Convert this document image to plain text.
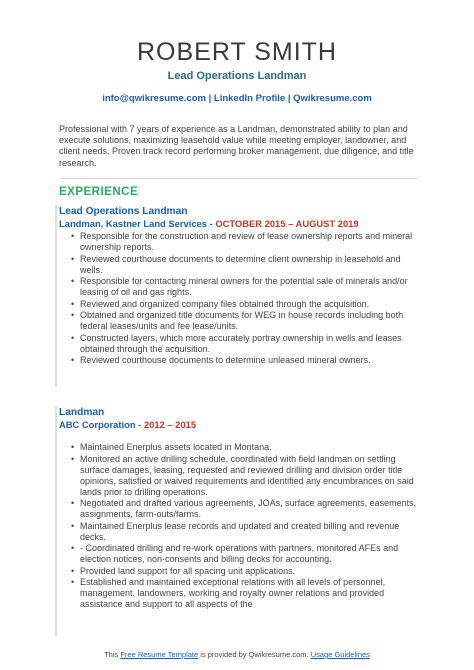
ROBERT SMITH
Lead Operations Landman
info@qwikresume.com | LinkedIn Profile | Qwikresume.com
Professional with 7 years of experience as a Landman, demonstrated ability to plan and execute solutions, maximizing leasehold value while meeting employer, landowner, and client needs. Proven track record performing broker management, due diligence, and title research.
EXPERIENCE
Lead Operations Landman
Landman, Kastner Land Services - OCTOBER 2015 – AUGUST 2019
• Responsible for the construction and review of lease ownership reports and mineral ownership reports.
• Reviewed courthouse documents to determine client ownership in leasehold and wells.
• Responsible for contacting mineral owners for the potential sale of minerals and/or leasing of oil and gas rights.
• Reviewed and organized company files obtained through the acquisition.
• Obtained and organized title documents for WEG in house records including both federal leases/units and fee lease/units.
• Constructed layers, which more accurately portray ownership in wells and leases obtained through the acquisition.
• Reviewed courthouse documents to determine unleased mineral owners.
Landman
ABC Corporation - 2012 – 2015
• Maintained Enerplus assets located in Montana.
• Monitored an active drilling schedule, coordinated with field landman on settling surface damages, leasing, requested and reviewed drilling and division order title opinions, satisfied or waived requirements and identified any encumbrances on said lands prior to drilling operations.
• Negotiated and drafted various agreements, JOAs, surface agreements, easements, assignments, farm-outs/farms.
• Maintained Enerplus lease records and updated and created billing and revenue decks.
• - Coordinated drilling and re-work operations with partners, monitored AFEs and election notices, non-consents and billing decks for accounting.
• Provided land support for all spacing unit applications.
• Established and maintained exceptional relations with all levels of personnel, management, landowners, working and royalty owner relations and provided assistance and support to all aspects of the
This Free Resume Template is provided by Qwikresume.com. Usage Guidelines
